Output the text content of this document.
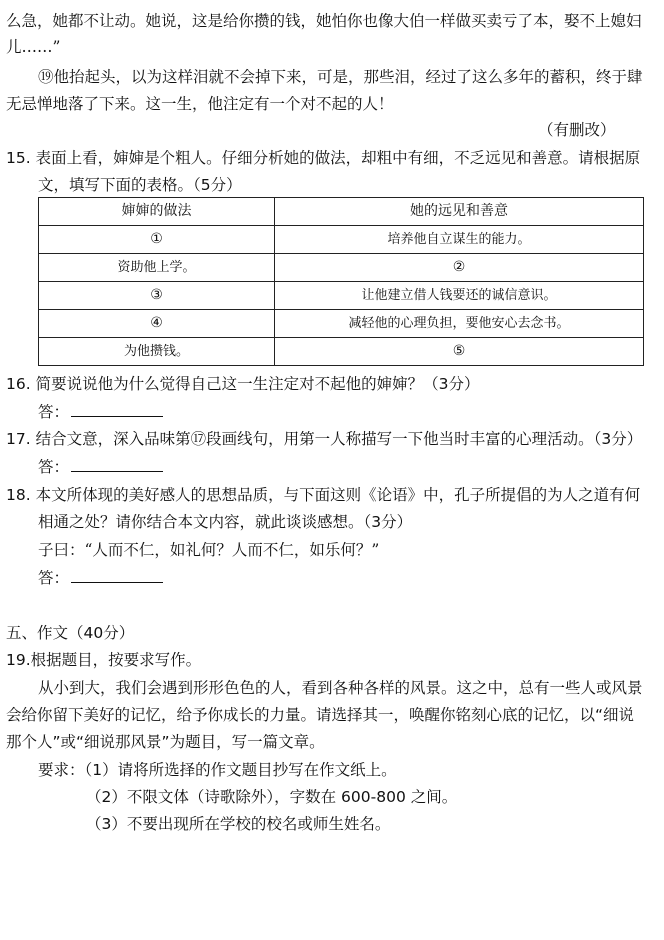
么急，她都不让动。她说，这是给你攒的钱，她怕你也像大伯一样做买卖亏了本，娶不上媳妇
儿……”
⑲他抬起头，以为这样泪就不会掉下来，可是，那些泪，经过了这么多年的蓄积，终于肆
无忌惮地落了下来。这一生，他注定有一个对不起的人！
（有删改）
15. 表面上看，婶婶是个粗人。仔细分析她的做法，却粗中有细，不乏远见和善意。请根据原
文，填写下面的表格。（5分）
婶婶的做法	她的远见和善意
①	培养他自立谋生的能力。
资助他上学。	②
③	让他建立借人钱要还的诚信意识。
④	减轻他的心理负担，要他安心去念书。
为他攒钱。	⑤
16. 简要说说他为什么觉得自己这一生注定对不起他的婶婶？（3分）
答：
17. 结合文意，深入品味第⑰段画线句，用第一人称描写一下他当时丰富的心理活动。（3分）
答：
18. 本文所体现的美好感人的思想品质，与下面这则《论语》中，孔子所提倡的为人之道有何
相通之处？请你结合本文内容，就此谈谈感想。（3分）
子曰：“人而不仁，如礼何？人而不仁，如乐何？”
答：
五、作文（40分）
19.根据题目，按要求写作。
从小到大，我们会遇到形形色色的人，看到各种各样的风景。这之中，总有一些人或风景
会给你留下美好的记忆，给予你成长的力量。请选择其一，唤醒你铭刻心底的记忆，以“细说
那个人”或“细说那风景”为题目，写一篇文章。
要求：（1）请将所选择的作文题目抄写在作文纸上。
（2）不限文体（诗歌除外），字数在 600-800 之间。
（3）不要出现所在学校的校名或师生姓名。
